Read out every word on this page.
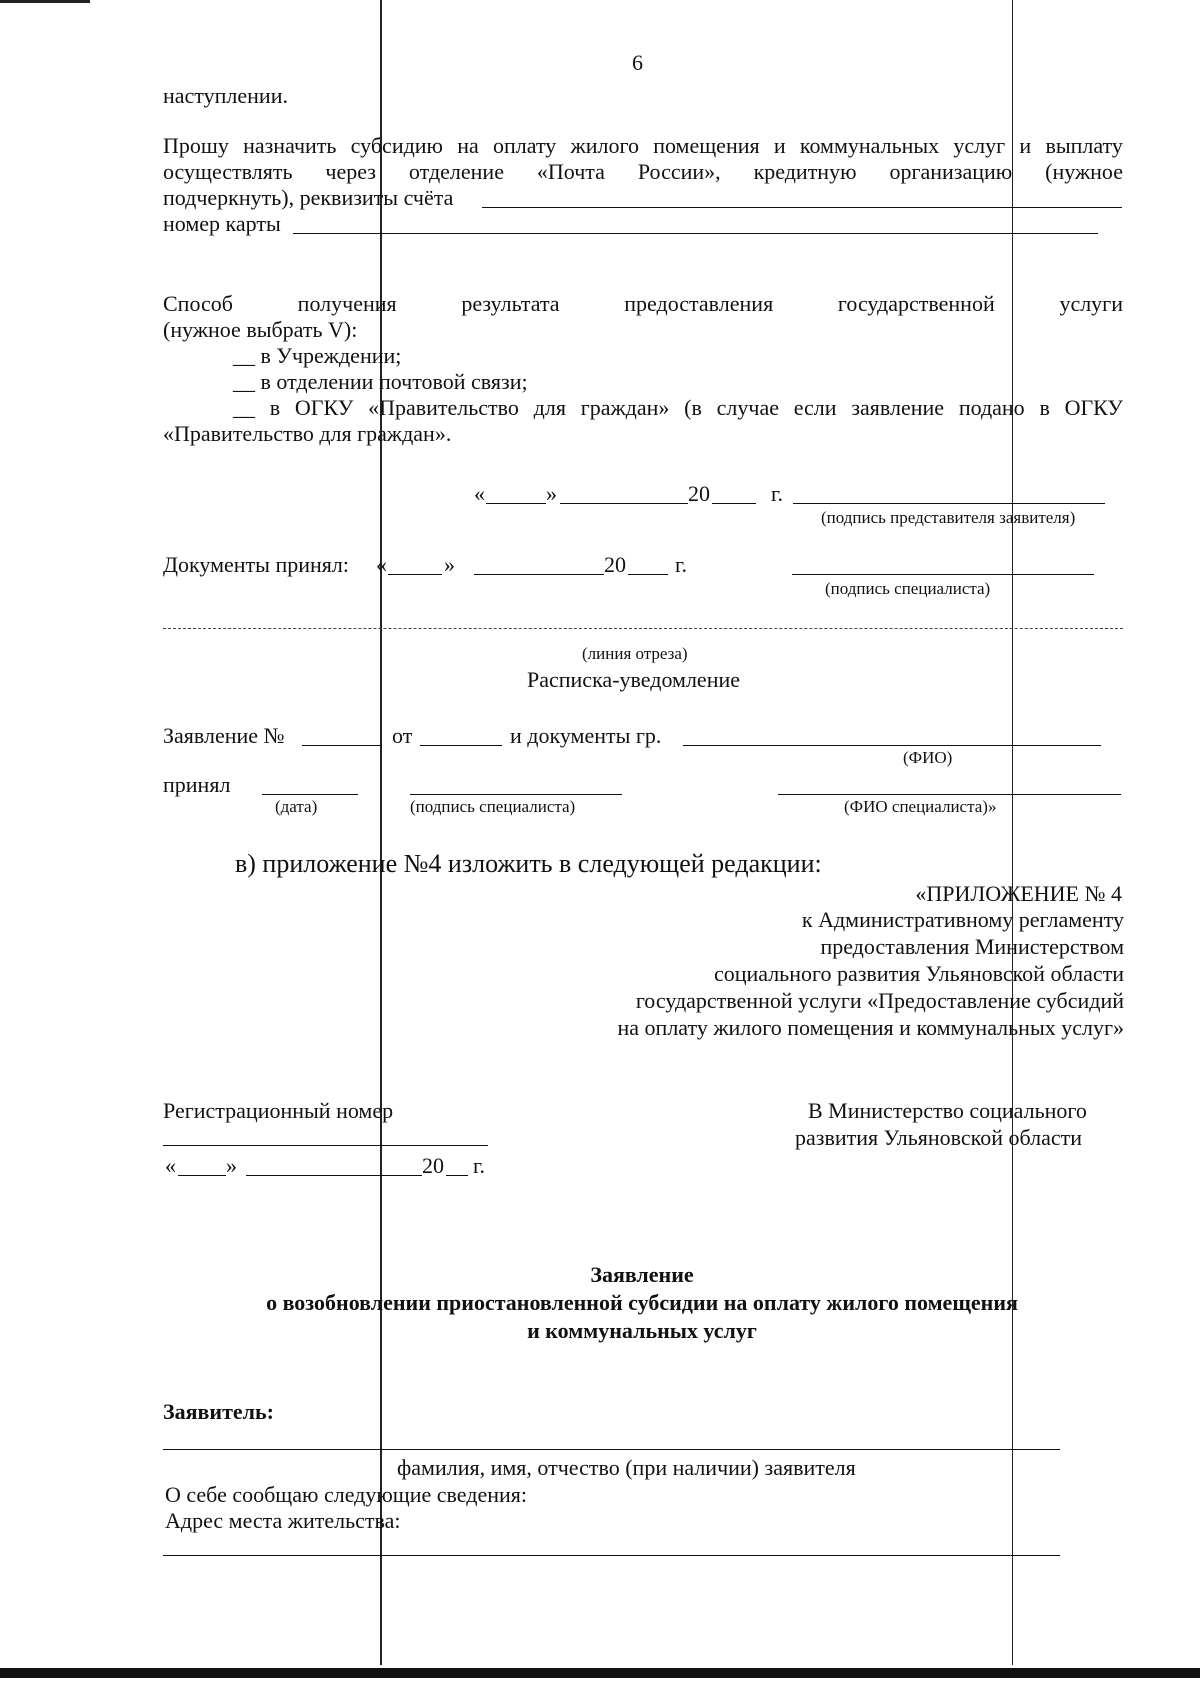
6
наступлении.
Прошу назначить субсидию на оплату жилого помещения и коммунальных услуг и выплату
осуществлять через отделение «Почта России», кредитную организацию (нужное
подчеркнуть), реквизиты счёта
номер карты
Способ	получения	результата	предоставления	государственной	услуги
(нужное выбрать V):
__ в Учреждении;
__ в отделении почтовой связи;
__ в ОГКУ «Правительство для граждан» (в случае если заявление подано в ОГКУ
«Правительство для граждан».
«	»	20	г.
(подпись представителя заявителя)
Документы принял: «	»	20 г.
(подпись специалиста)
(линия отреза)
Расписка-уведомление
Заявление №	от	и документы гр.
(ФИО)
принял
(дата)	(подпись специалиста)	(ФИО специалиста)»
в) приложение №4 изложить в следующей редакции:
«ПРИЛОЖЕНИЕ № 4
к Административному регламенту
предоставления Министерством
социального развития Ульяновской области
государственной услуги «Предоставление субсидий
на оплату жилого помещения и коммунальных услуг»
Регистрационный номер
« »	20 г.
В Министерство социального
развития Ульяновской области
Заявление
о возобновлении приостановленной субсидии на оплату жилого помещения
и коммунальных услуг
Заявитель:
фамилия, имя, отчество (при наличии) заявителя
О себе сообщаю следующие сведения:
Адрес места жительства:
